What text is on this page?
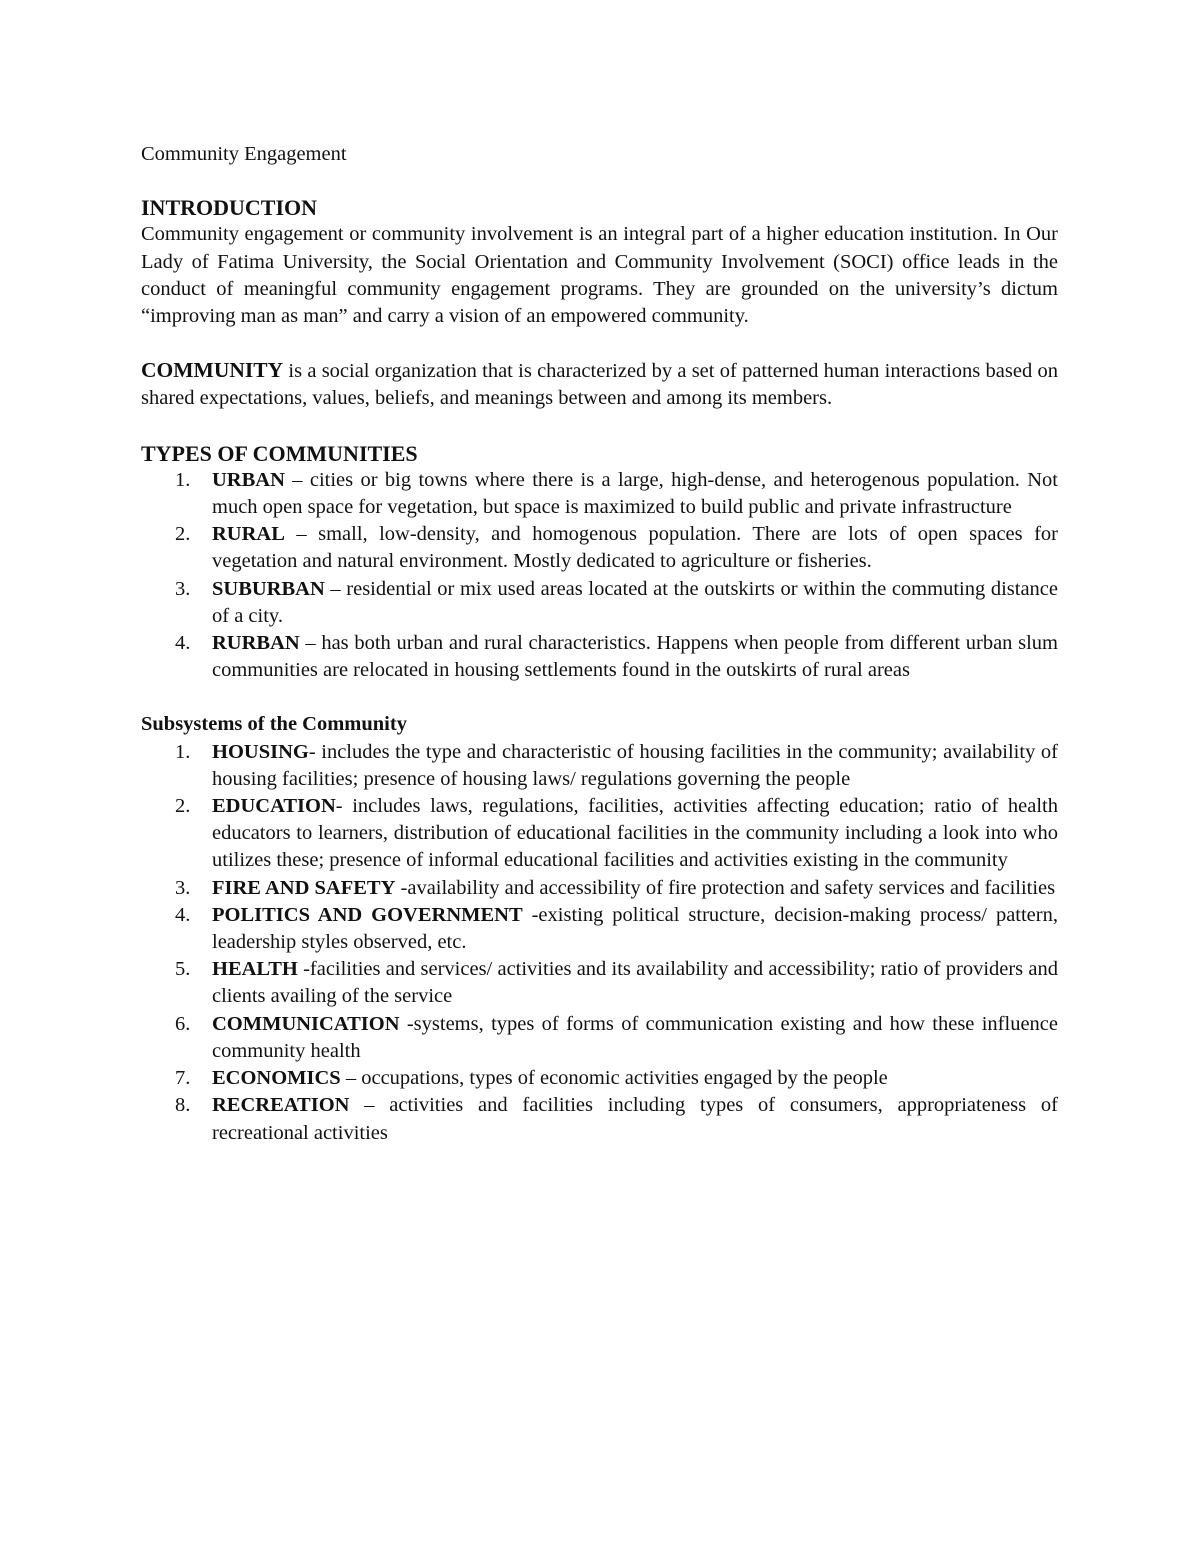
Community Engagement

INTRODUCTION

Community engagement or community involvement is an integral part of a higher education institution. In Our Lady of Fatima University, the Social Orientation and Community Involvement (SOCI) office leads in the conduct of meaningful community engagement programs. They are grounded on the university’s dictum “improving man as man” and carry a vision of an empowered community.

COMMUNITY is a social organization that is characterized by a set of patterned human interactions based on shared expectations, values, beliefs, and meanings between and among its members.

TYPES OF COMMUNITIES
1. URBAN – cities or big towns where there is a large, high-dense, and heterogenous population. Not much open space for vegetation, but space is maximized to build public and private infrastructure
2. RURAL – small, low-density, and homogenous population. There are lots of open spaces for vegetation and natural environment. Mostly dedicated to agriculture or fisheries.
3. SUBURBAN – residential or mix used areas located at the outskirts or within the commuting distance of a city.
4. RURBAN – has both urban and rural characteristics. Happens when people from different urban slum communities are relocated in housing settlements found in the outskirts of rural areas
Subsystems of the Community
1. HOUSING- includes the type and characteristic of housing facilities in the community; availability of housing facilities; presence of housing laws/ regulations governing the people
2. EDUCATION- includes laws, regulations, facilities, activities affecting education; ratio of health educators to learners, distribution of educational facilities in the community including a look into who utilizes these; presence of informal educational facilities and activities existing in the community
3. FIRE AND SAFETY -availability and accessibility of fire protection and safety services and facilities
4. POLITICS AND GOVERNMENT -existing political structure, decision-making process/ pattern, leadership styles observed, etc.
5. HEALTH -facilities and services/ activities and its availability and accessibility; ratio of providers and clients availing of the service
6. COMMUNICATION -systems, types of forms of communication existing and how these influence community health
7. ECONOMICS – occupations, types of economic activities engaged by the people
8. RECREATION – activities and facilities including types of consumers, appropriateness of recreational activities
